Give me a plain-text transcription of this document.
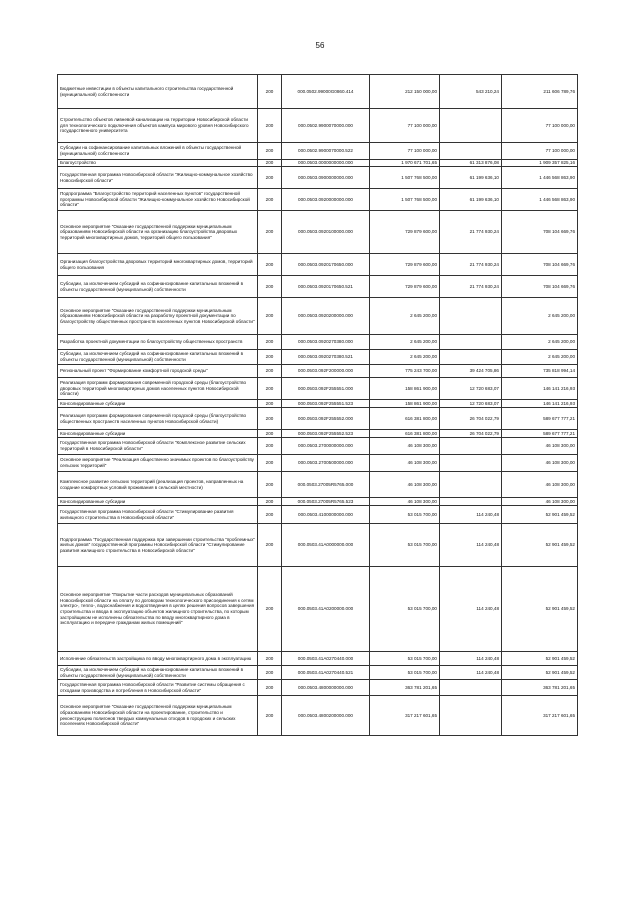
56
Бюджетные инвестиции в объекты капитального строительства государственной (муниципальной) собственности	200	000.0502.99000G0860.414	212 150 000,00	543 210,24	211 606 789,76
Строительство объектов ливневой канализации на территории Новосибирской области для технологического подключения объектов кампуса мирового уровня Новосибирского государственного университета	200	000.0502.9900070000.000	77 100 000,00		77 100 000,00
Субсидии на софинансирование капитальных вложений в объекты государственной (муниципальной) собственности	200	000.0502.9900070000.522	77 100 000,00		77 100 000,00
Благоустройство	200	000.0503.0000000000.000	1 970 671 701,65	61 313 876,08	1 909 357 825,16
Государственная программа Новосибирской области "Жилищно-коммунальное хозяйство Новосибирской области"	200	000.0503.0900000000.000	1 507 768 500,00	61 199 636,10	1 446 568 863,90
Подпрограмма "Благоустройство территорий населенных пунктов" государственной программы Новосибирской области "Жилищно-коммунальное хозяйство Новосибирской области"	200	000.0503.0920000000.000	1 507 768 500,00	61 199 636,10	1 446 568 863,90
Основное мероприятие "Оказание государственной поддержки муниципальным образованиям Новосибирской области на организацию благоустройства дворовых территорий многоквартирных домов, территорий общего пользования"	200	000.0503.0920100000.000	729 879 600,00	21 774 930,24	708 104 669,76
Организация благоустройства дворовых территорий многоквартирных домов, территорий общего пользования	200	000.0503.0920170650.000	729 879 600,00	21 774 930,24	708 104 669,76
Субсидии, за исключением субсидий на софинансирование капитальных вложений в объекты государственной (муниципальной) собственности	200	000.0503.0920170650.521	729 879 600,00	21 774 930,24	708 104 669,76
Основное мероприятие "Оказание государственной поддержки муниципальным образованиям Новосибирской области на разработку проектной документации по благоустройству общественных пространств населенных пунктов Новосибирской области"	200	000.0503.0920200000.000	2 645 200,00		2 645 200,00
Разработка проектной документации по благоустройству общественных пространств	200	000.0503.0920270380.000	2 645 200,00		2 645 200,00
Субсидии, за исключением субсидий на софинансирование капитальных вложений в объекты государственной (муниципальной) собственности	200	000.0503.0920270380.521	2 645 200,00		2 645 200,00
Региональный проект "Формирование комфортной городской среды"	200	000.0503.092F200000.000	775 243 700,00	39 424 705,86	735 818 994,14
Реализация программ формирования современной городской среды (благоустройство дворовых территорий многоквартирных домов населенных пунктов Новосибирской области)	200	000.0503.092F255551.000	158 861 900,00	12 720 683,07	146 141 216,93
Консолидированные субсидии	200	000.0503.092F255551.523	158 861 900,00	12 720 683,07	146 141 216,93
Реализация программ формирования современной городской среды (благоустройство общественных пространств населенных пунктов Новосибирской области)	200	000.0503.092F255552.000	616 381 800,00	26 704 022,79	589 677 777,21
Консолидированные субсидии	200	000.0503.092F255552.523	616 381 800,00	26 704 022,79	589 677 777,21
Государственная программа Новосибирской области "Комплексное развитие сельских территорий в Новосибирской области"	200	000.0503.2700000000.000	46 108 300,00		46 108 300,00
Основное мероприятие "Реализация общественно значимых проектов по благоустройству сельских территорий"	200	000.0503.2700500000.000	46 108 300,00		46 108 300,00
Комплексное развитие сельских территорий (реализация проектов, направленных на создание комфортных условий проживания в сельской местности)	200	000.0503.27005R5765.000	46 108 300,00		46 108 300,00
Консолидированные субсидии	200	000.0503.27005R5765.523	46 108 300,00		46 108 300,00
Государственная программа Новосибирской области "Стимулирование развития жилищного строительства в Новосибирской области"	200	000.0503.4100000000.000	53 015 700,00	114 240,48	52 901 459,52
Подпрограмма "Государственная поддержка при завершении строительства "проблемных" жилых домов" государственной программы Новосибирской области "Стимулирование развития жилищного строительства в Новосибирской области"	200	000.0503.41A0000000.000	53 015 700,00	114 240,48	52 901 459,52
Основное мероприятие "Покрытие части расходов муниципальных образований Новосибирской области на оплату по договорам технологического присоединения к сетям электро-, тепло-, водоснабжения и водоотведения в целях решения вопросов завершения строительства и ввода в эксплуатацию объектов жилищного строительства, по которым застройщиком не исполнены обязательства по вводу многоквартирного дома в эксплуатацию и передаче гражданам жилых помещений"	200	000.0503.41A0200000.000	53 015 700,00	114 240,48	52 901 459,52
Исполнение обязательств застройщика по вводу многоквартирного дома в эксплуатацию	200	000.0503.41A0270440.000	53 015 700,00	114 240,48	52 901 459,52
Субсидии, за исключением субсидий на софинансирование капитальных вложений в объекты государственной (муниципальной) собственности	200	000.0503.41A0270440.521	53 015 700,00	114 240,48	52 901 459,52
Государственная программа Новосибирской области "Развитие системы обращения с отходами производства и потребления в Новосибирской области"	200	000.0503.4800000000.000	363 781 201,65		363 781 201,65
Основное мероприятие "Оказание государственной поддержки муниципальным образованиям Новосибирской области на проектирование, строительство и реконструкцию полигонов твердых коммунальных отходов в городских и сельских поселениях Новосибирской области"	200	000.0503.4800200000.000	317 217 601,65		317 217 601,65
